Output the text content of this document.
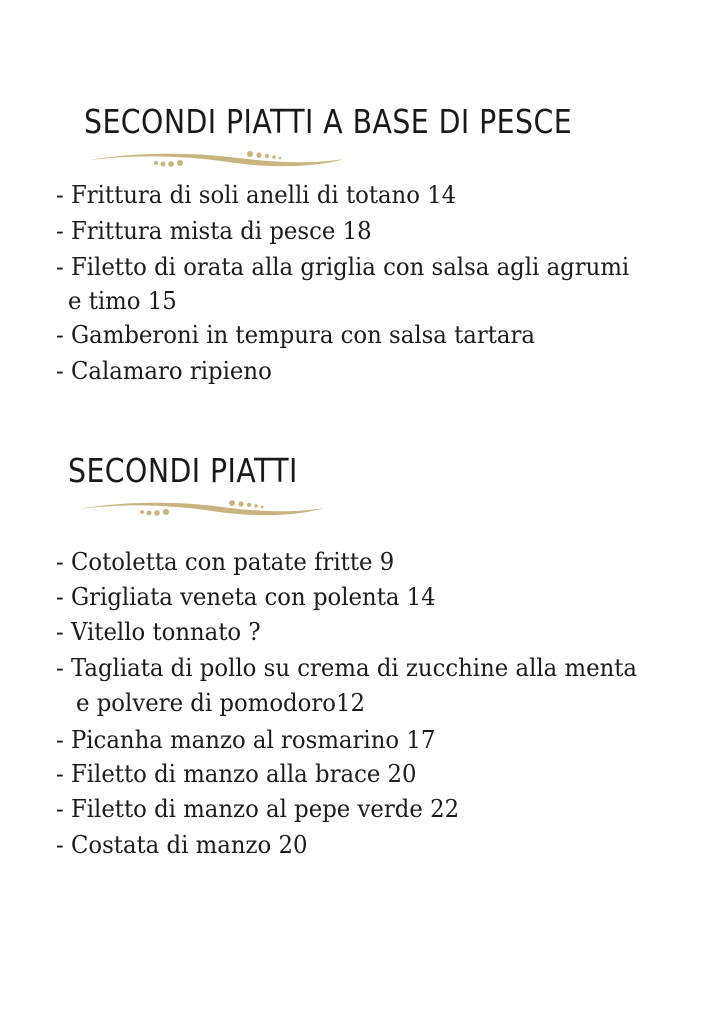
SECONDI PIATTI A BASE DI PESCE
- Frittura di soli anelli di totano 14
- Frittura mista di pesce 18
- Filetto di orata alla griglia con salsa agli agrumi
e timo 15
- Gamberoni in tempura con salsa tartara
- Calamaro ripieno
SECONDI PIATTI
- Cotoletta con patate fritte 9
- Grigliata veneta con polenta 14
- Vitello tonnato ?
- Tagliata di pollo su crema di zucchine alla menta
e polvere di pomodoro12
- Picanha manzo al rosmarino 17
- Filetto di manzo alla brace 20
- Filetto di manzo al pepe verde 22
- Costata di manzo 20
